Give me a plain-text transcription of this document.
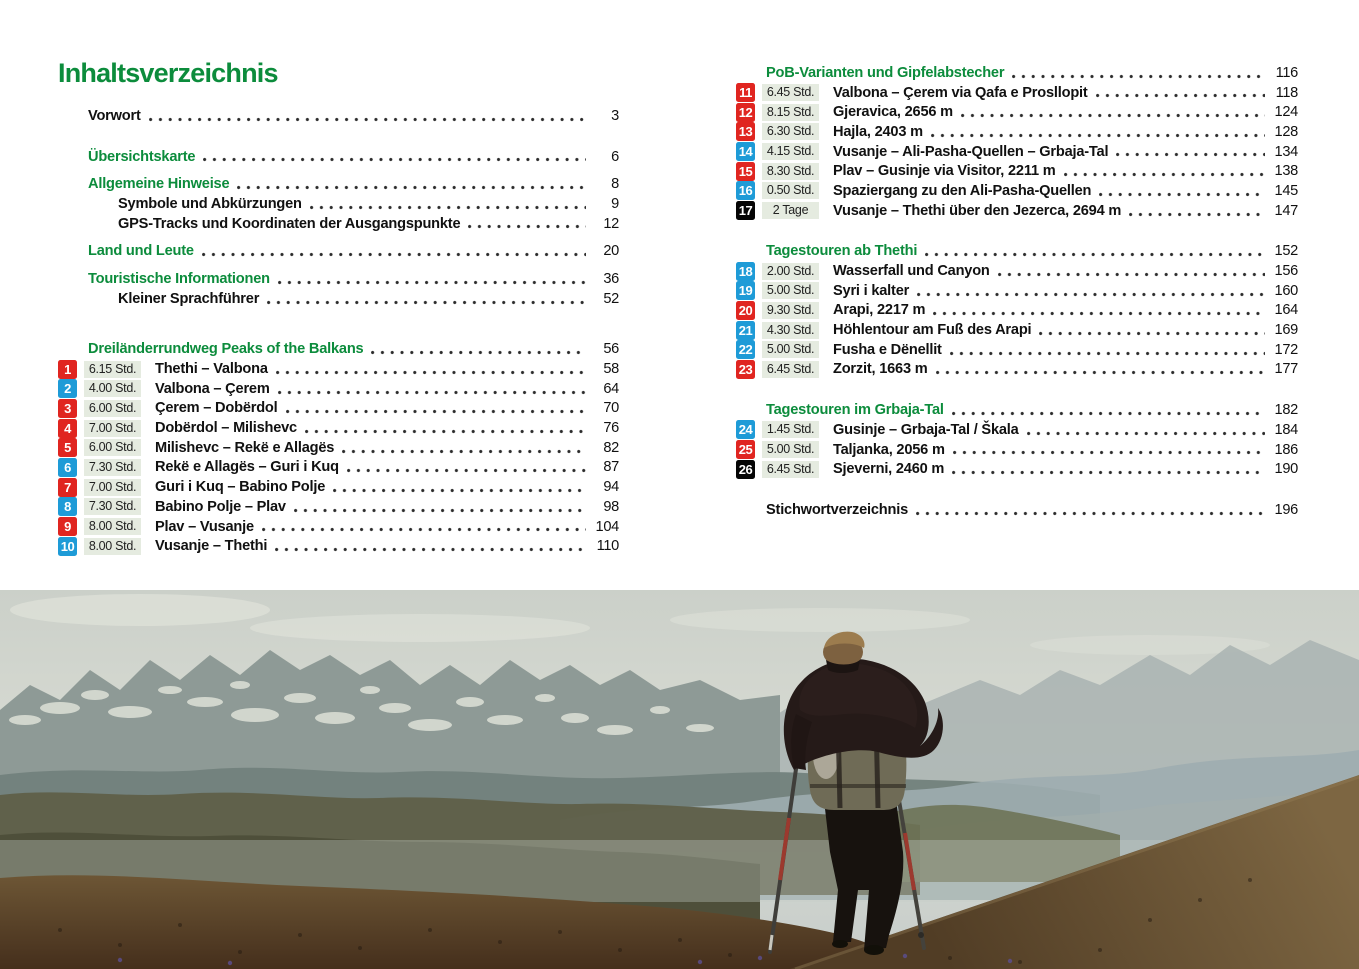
Inhaltsverzeichnis
Vorwort	3
Übersichtskarte	6
Allgemeine Hinweise	8
Symbole und Abkürzungen	9
GPS-Tracks und Koordinaten der Ausgangspunkte	12
Land und Leute	20
Touristische Informationen	36
Kleiner Sprachführer	52
Dreiländerrundweg Peaks of the Balkans	56
1	6.15 Std.	Thethi – Valbona	58
2	4.00 Std.	Valbona – Çerem	64
3	6.00 Std.	Çerem – Dobërdol	70
4	7.00 Std.	Dobërdol – Milishevc	76
5	6.00 Std.	Milishevc – Rekë e Allagës	82
6	7.30 Std.	Rekë e Allagës – Guri i Kuq	87
7	7.00 Std.	Guri i Kuq – Babino Polje	94
8	7.30 Std.	Babino Polje – Plav	98
9	8.00 Std.	Plav – Vusanje	104
10	8.00 Std.	Vusanje – Thethi	110
PoB-Varianten und Gipfelabstecher	116
11	6.45 Std.	Valbona – Çerem via Qafa e Prosllopit	118
12	8.15 Std.	Gjeravica, 2656 m	124
13	6.30 Std.	Hajla, 2403 m	128
14	4.15 Std.	Vusanje – Ali-Pasha-Quellen – Grbaja-Tal	134
15	8.30 Std.	Plav – Gusinje via Visitor, 2211 m	138
16	0.50 Std.	Spaziergang zu den Ali-Pasha-Quellen	145
17	2 Tage	Vusanje – Thethi über den Jezerca, 2694 m	147
Tagestouren ab Thethi	152
18	2.00 Std.	Wasserfall und Canyon	156
19	5.00 Std.	Syri i kalter	160
20	9.30 Std.	Arapi, 2217 m	164
21	4.30 Std.	Höhlentour am Fuß des Arapi	169
22	5.00 Std.	Fusha e Dënellit	172
23	6.45 Std.	Zorzit, 1663 m	177
Tagestouren im Grbaja-Tal	182
24	1.45 Std.	Gusinje – Grbaja-Tal / Škala	184
25	5.00 Std.	Taljanka, 2056 m	186
26	6.45 Std.	Sjeverni, 2460 m	190
Stichwortverzeichnis	196
